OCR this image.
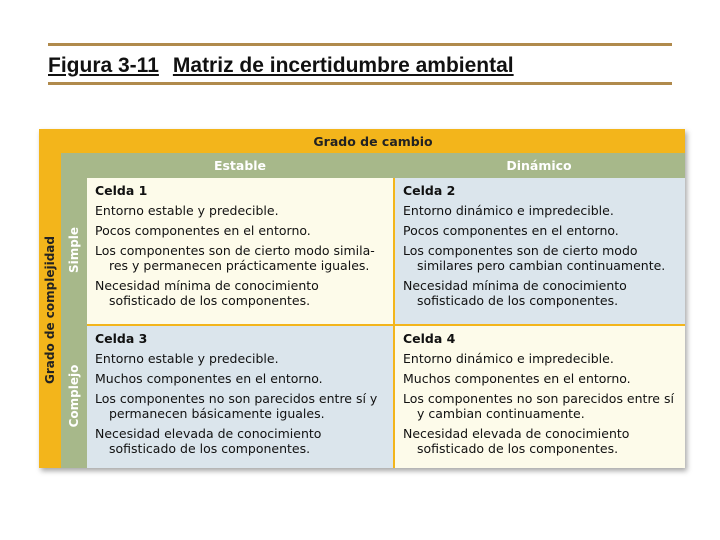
Figura 3-11 Matriz de incertidumbre ambiental
Grado de cambio
Estable	Dinámico
Grado de complejidad Simple
Complejo
Celda 1

Entorno estable y predecible.

Pocos componentes en el entorno.

Los componentes son de cierto modo simila- res y permanecen prácticamente iguales.

Necesidad mínima de conocimiento sofisticado de los componentes.

Celda 2

Entorno dinámico e impredecible.

Pocos componentes en el entorno.

Los componentes son de cierto modo similares pero cambian continuamente.

Necesidad mínima de conocimiento sofisticado de los componentes.

Celda 3

Entorno estable y predecible.

Muchos componentes en el entorno.

Los componentes no son parecidos entre sí y permanecen básicamente iguales.

Necesidad elevada de conocimiento sofisticado de los componentes.

Celda 4

Entorno dinámico e impredecible.

Muchos componentes en el entorno.

Los componentes no son parecidos entre sí y cambian continuamente.

Necesidad elevada de conocimiento sofisticado de los componentes.
